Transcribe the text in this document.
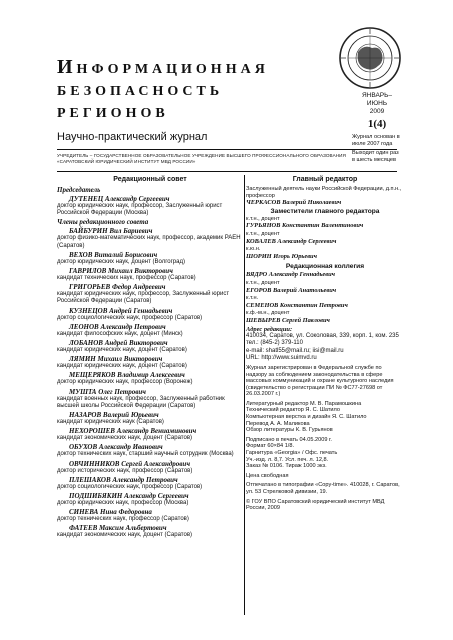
Информационная
безопасность
регионов
Научно-практический журнал
УЧРЕДИТЕЛЬ – ГОСУДАРСТВЕННОЕ ОБРАЗОВАТЕЛЬНОЕ УЧРЕЖДЕНИЕ ВЫСШЕГО ПРОФЕССИОНАЛЬНОГО ОБРАЗОВАНИЯ «САРАТОВСКИЙ ЮРИДИЧЕСКИЙ ИНСТИТУТ МВД РОССИИ»
ЯНВАРЬ–ИЮНЬ
2009
1(4)
Журнал основан в июле 2007 года
Выходит один раз в шесть месяцев
Редакционный совет
Председатель
ДУТЕНЕЦ Александр Сергеевич
доктор юридических наук, профессор, Заслуженный юрист Российской Федерации (Москва)
Члены редакционного совета
БАЙБУРИН Вил Бариевич
доктор физико-математических наук, профессор, академик РАЕН (Саратов)
ВЕХОВ Виталий Борисович
доктор юридических наук, доцент (Волгоград)
ГАВРИЛОВ Михаил Викторович
кандидат технических наук, профессор (Саратов)
ГРИГОРЬЕВ Федор Андреевич
кандидат юридических наук, профессор, Заслуженный юрист Российской Федерации (Саратов)
КУЗНЕЦОВ Андрей Геннадьевич
доктор социологических наук, профессор (Саратов)
ЛЕОНОВ Александр Петрович
кандидат философских наук, доцент (Минск)
ЛОБАНОВ Андрей Викторович
кандидат юридических наук, доцент (Саратов)
ЛЯМИН Михаил Викторович
кандидат юридических наук, доцент (Саратов)
МЕЩЕРЯКОВ Владимир Алексеевич
доктор юридических наук, профессор (Воронеж)
МУШТА Олег Петрович
кандидат военных наук, профессор, Заслуженный работник высшей школы Российской Федерации (Саратов)
НАЗАРОВ Валерий Юрьевич
кандидат юридических наук (Саратов)
НЕХОРОШЕВ Александр Вениаминович
кандидат экономических наук, доцент (Саратов)
ОБУХОВ Александр Иванович
доктор технических наук, старший научный сотрудник (Москва)
ОВЧИННИКОВ Сергей Александрович
доктор исторических наук, профессор (Саратов)
ПЛЕШАКОВ Александр Петрович
доктор социологических наук, профессор (Саратов)
ПОДШИБЯКИН Александр Сергеевич
доктор юридических наук, профессор (Москва)
СИНЕВА Нина Федоровна
доктор технических наук, профессор (Саратов)
ФАТЕЕВ Максим Альбертович
кандидат экономических наук, доцент (Саратов)
Главный редактор
Заслуженный деятель науки Российской Федерации, д.п.н., профессор
ЧЕРКАСОВ Валерий Николаевич
Заместители главного редактора
к.т.н., доцент
ГУРЬЯНОВ Константин Валентинович
к.т.н., доцент
КОВАЛЕВ Александр Сергеевич
к.ю.н.
ШОРИН Игорь Юрьевич
Редакционная коллегия
ВЯДРО Александр Геннадьевич
к.т.н., доцент
ЕГОРОВ Валерий Анатольевич
к.т.н.
СЕМЕНОВ Константин Петрович
к.ф.-м.н., доцент
ШЕВЫРЕВ Сергей Павлович
Адрес редакции:
410034, Саратов, ул. Соколовая, 339, корп. 1, ком. 235
тел.: (845-2) 379-110
e-mail: shatl55@mail.ru; iisi@mail.ru
URL: http://www.suimvd.ru
Журнал зарегистрирован в Федеральной службе по надзору за соблюдением законодательства в сфере массовых коммуникаций и охране культурного наследия (свидетельство о регистрации ПИ № ФС77-27698 от 26.03.2007 г.)
Литературный редактор М. В. Парамошкина
Технический редактор Я. С. Шатило
Компьютерная верстка и дизайн Я. С. Шатило
Перевод А. А. Маликова
Обзор литературы К. В. Гурьянов
Подписано в печать 04.05.2009 г.
Формат 60×84 1/8.
Гарнитура «Georgia» / Офс. печать
Уч.-изд. л. 8,7. Усл. печ. л. 12,8.
Заказ № 0106. Тираж 1000 экз.
Цена свободная
Отпечатано в типографии «Copy-time». 410028, г. Саратов, ул. 53 Стрелковой дивизии, 19.
© ГОУ ВПО Саратовский юридический институт МВД России, 2009
